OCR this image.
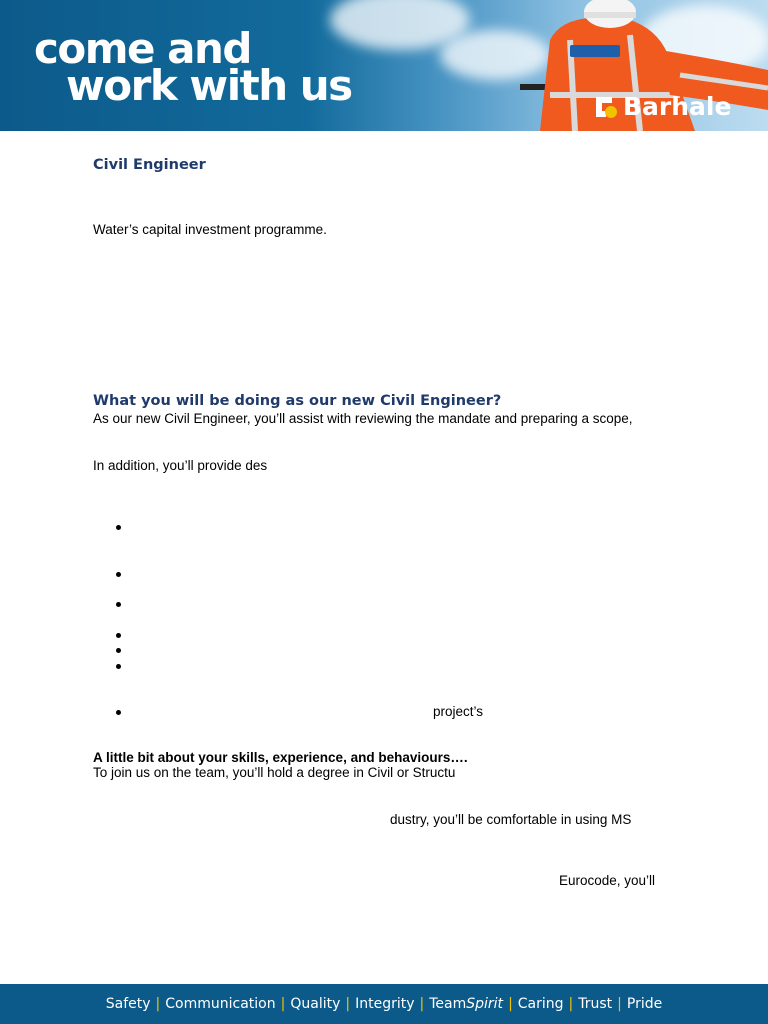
come and
work with us	Barhale
Civil Engineer

Water’s capital investment programme.

What you will be doing as our new Civil Engineer?

As our new Civil Engineer, you’ll assist with reviewing the mandate and preparing a scope,

In addition, you’ll provide des

project’s

A little bit about your skills, experience, and behaviours….

To join us on the team, you’ll hold a degree in Civil or Structu

dustry, you’ll be comfortable in using MS

Eurocode, you’ll

Safety | Communication | Quality | Integrity | TeamSpirit | Caring | Trust | Pride
